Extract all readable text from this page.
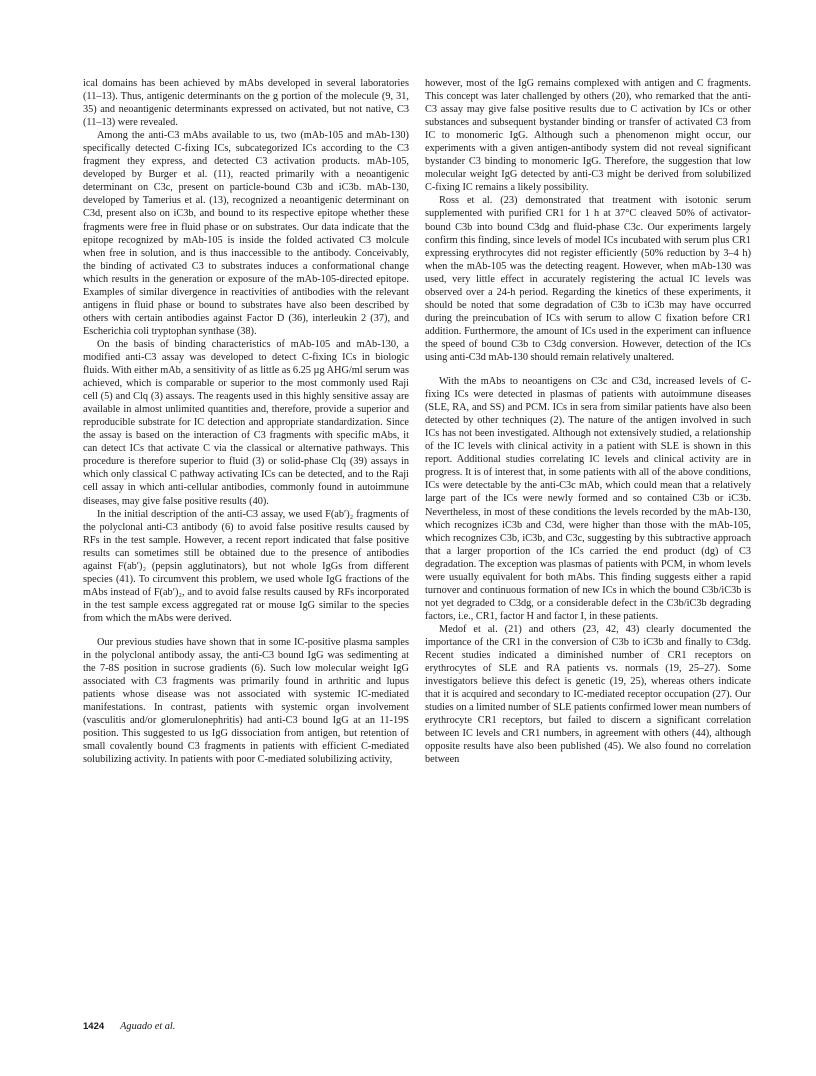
ical domains has been achieved by mAbs developed in several laboratories (11–13). Thus, antigenic determinants on the g portion of the molecule (9, 31, 35) and neoantigenic determinants expressed on activated, but not native, C3 (11–13) were revealed.

Among the anti-C3 mAbs available to us, two (mAb-105 and mAb-130) specifically detected C-fixing ICs, subcategorized ICs according to the C3 fragment they express, and detected C3 activation products. mAb-105, developed by Burger et al. (11), reacted primarily with a neoantigenic determinant on C3c, present on particle-bound C3b and iC3b. mAb-130, developed by Tamerius et al. (13), recognized a neoantigenic determinant on C3d, present also on iC3b, and bound to its respective epitope whether these fragments were free in fluid phase or on substrates. Our data indicate that the epitope recognized by mAb-105 is inside the folded activated C3 molcule when free in solution, and is thus inaccessible to the antibody. Conceivably, the binding of activated C3 to substrates induces a conformational change which results in the generation or exposure of the mAb-105-directed epitope. Examples of similar divergence in reactivities of antibodies with the relevant antigens in fluid phase or bound to substrates have also been described by others with certain antibodies against Factor D (36), interleukin 2 (37), and Escherichia coli tryptophan synthase (38).

On the basis of binding characteristics of mAb-105 and mAb-130, a modified anti-C3 assay was developed to detect C-fixing ICs in biologic fluids. With either mAb, a sensitivity of as little as 6.25 µg AHG/ml serum was achieved, which is comparable or superior to the most commonly used Raji cell (5) and Clq (3) assays. The reagents used in this highly sensitive assay are available in almost unlimited quantities and, therefore, provide a superior and reproducible substrate for IC detection and appropriate standardization. Since the assay is based on the interaction of C3 fragments with specific mAbs, it can detect ICs that activate C via the classical or alternative pathways. This procedure is therefore superior to fluid (3) or solid-phase Clq (39) assays in which only classical C pathway activating ICs can be detected, and to the Raji cell assay in which anti-cellular antibodies, commonly found in autoimmune diseases, may give false positive results (40).

In the initial description of the anti-C3 assay, we used F(ab′)₂ fragments of the polyclonal anti-C3 antibody (6) to avoid false positive results caused by RFs in the test sample. However, a recent report indicated that false positive results can sometimes still be obtained due to the presence of antibodies against F(ab′)₂ (pepsin agglutinators), but not whole IgGs from different species (41). To circumvent this problem, we used whole IgG fractions of the mAbs instead of F(ab′)₂, and to avoid false results caused by RFs incorporated in the test sample excess aggregated rat or mouse IgG similar to the species from which the mAbs were derived.

Our previous studies have shown that in some IC-positive plasma samples in the polyclonal antibody assay, the anti-C3 bound IgG was sedimenting at the 7-8S position in sucrose gradients (6). Such low molecular weight IgG associated with C3 fragments was primarily found in arthritic and lupus patients whose disease was not associated with systemic IC-mediated manifestations. In contrast, patients with systemic organ involvement (vasculitis and/or glomerulonephritis) had anti-C3 bound IgG at an 11-19S position. This suggested to us IgG dissociation from antigen, but retention of small covalently bound C3 fragments in patients with efficient C-mediated solubilizing activity. In patients with poor C-mediated solubilizing activity,

however, most of the IgG remains complexed with antigen and C fragments. This concept was later challenged by others (20), who remarked that the anti-C3 assay may give false positive results due to C activation by ICs or other substances and subsequent bystander binding or transfer of activated C3 from IC to monomeric IgG. Although such a phenomenon might occur, our experiments with a given antigen-antibody system did not reveal significant bystander C3 binding to monomeric IgG. Therefore, the suggestion that low molecular weight IgG detected by anti-C3 might be derived from solubilized C-fixing IC remains a likely possibility.

Ross et al. (23) demonstrated that treatment with isotonic serum supplemented with purified CR1 for 1 h at 37°C cleaved 50% of activator-bound C3b into bound C3dg and fluid-phase C3c. Our experiments largely confirm this finding, since levels of model ICs incubated with serum plus CR1 expressing erythrocytes did not register efficiently (50% reduction by 3–4 h) when the mAb-105 was the detecting reagent. However, when mAb-130 was used, very little effect in accurately registering the actual IC levels was observed over a 24-h period. Regarding the kinetics of these experiments, it should be noted that some degradation of C3b to iC3b may have occurred during the preincubation of ICs with serum to allow C fixation before CR1 addition. Furthermore, the amount of ICs used in the experiment can influence the speed of bound C3b to C3dg conversion. However, detection of the ICs using anti-C3d mAb-130 should remain relatively unaltered.

With the mAbs to neoantigens on C3c and C3d, increased levels of C-fixing ICs were detected in plasmas of patients with autoimmune diseases (SLE, RA, and SS) and PCM. ICs in sera from similar patients have also been detected by other techniques (2). The nature of the antigen involved in such ICs has not been investigated. Although not extensively studied, a relationship of the IC levels with clinical activity in a patient with SLE is shown in this report. Additional studies correlating IC levels and clinical activity are in progress. It is of interest that, in some patients with all of the above conditions, ICs were detectable by the anti-C3c mAb, which could mean that a relatively large part of the ICs were newly formed and so contained C3b or iC3b. Nevertheless, in most of these conditions the levels recorded by the mAb-130, which recognizes iC3b and C3d, were higher than those with the mAb-105, which recognizes C3b, iC3b, and C3c, suggesting by this subtractive approach that a larger proportion of the ICs carried the end product (dg) of C3 degradation. The exception was plasmas of patients with PCM, in whom levels were usually equivalent for both mAbs. This finding suggests either a rapid turnover and continuous formation of new ICs in which the bound C3b/iC3b is not yet degraded to C3dg, or a considerable defect in the C3b/iC3b degrading factors, i.e., CR1, factor H and factor I, in these patients.

Medof et al. (21) and others (23, 42, 43) clearly documented the importance of the CR1 in the conversion of C3b to iC3b and finally to C3dg. Recent studies indicated a diminished number of CR1 receptors on erythrocytes of SLE and RA patients vs. normals (19, 25–27). Some investigators believe this defect is genetic (19, 25), whereas others indicate that it is acquired and secondary to IC-mediated receptor occupation (27). Our studies on a limited number of SLE patients confirmed lower mean numbers of erythrocyte CR1 receptors, but failed to discern a significant correlation between IC levels and CR1 numbers, in agreement with others (44), although opposite results have also been published (45). We also found no correlation between

1424 Aguado et al.
